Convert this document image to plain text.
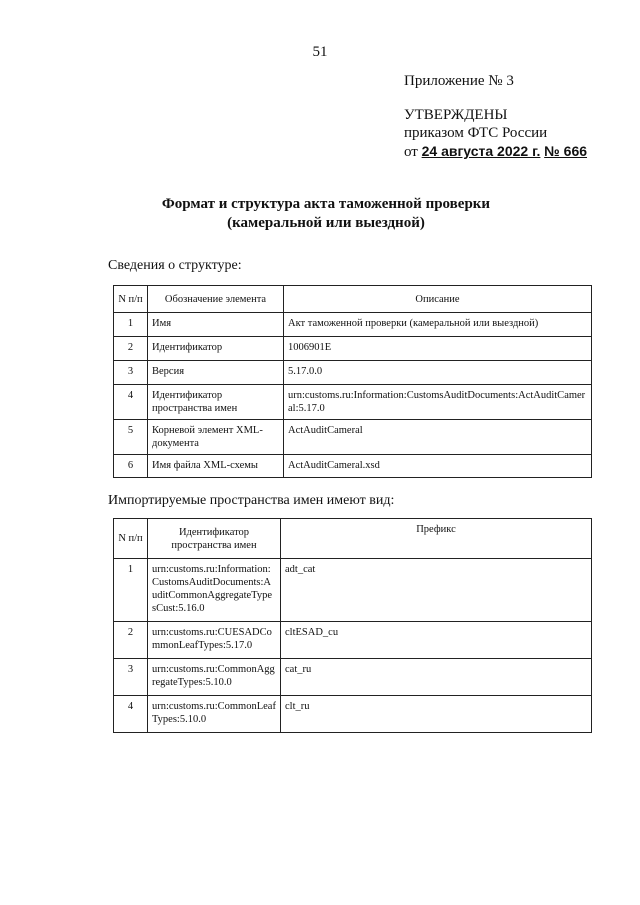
51
Приложение № 3
УТВЕРЖДЕНЫ
приказом ФТС России
от 24 августа 2022 г. № 666
Формат и структура акта таможенной проверки
(камеральной или выездной)
Сведения о структуре:
N п/п	Обозначение элемента	Описание
1	Имя	Акт таможенной проверки (камеральной или выездной)
2	Идентификатор	1006901E
3	Версия	5.17.0.0
4	Идентификатор пространства имен	urn:customs.ru:Information:CustomsAuditDocuments:ActAuditCameral:5.17.0
5	Корневой элемент XML-документа	ActAuditCameral
6	Имя файла XML-схемы	ActAuditCameral.xsd
Импортируемые пространства имен имеют вид:
N п/п	Идентификатор пространства имен	Префикс
1	urn:customs.ru:Information:CustomsAuditDocuments:AuditCommonAggregateTypesCust:5.16.0	adt_cat
2	urn:customs.ru:CUESADCommonLeafTypes:5.17.0	cltESAD_cu
3	urn:customs.ru:CommonAggregateTypes:5.10.0	cat_ru
4	urn:customs.ru:CommonLeafTypes:5.10.0	clt_ru
